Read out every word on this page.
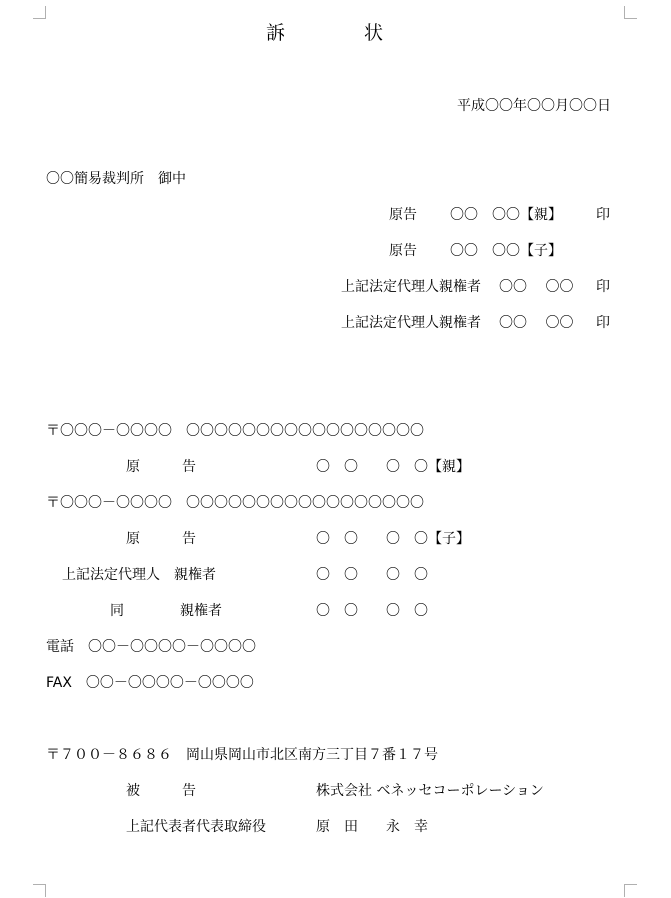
訴	状
平成〇〇年〇〇月〇〇日
〇〇簡易裁判所　御中
原告 〇〇　〇〇【親】 印
原告 〇〇　〇〇【子】
上記法定代理人親権者 〇〇　 〇〇 印
上記法定代理人親権者 〇〇　 〇〇 印
〒〇〇〇－〇〇〇〇　〇〇〇〇〇〇〇〇〇〇〇〇〇〇〇〇〇
原　　　告	〇　〇　　〇　〇【親】
〒〇〇〇－〇〇〇〇　〇〇〇〇〇〇〇〇〇〇〇〇〇〇〇〇〇
原　　　告	〇　〇　　〇　〇【子】
上記法定代理人　親権者	〇　〇　　〇　〇
同　　　　親権者	〇　〇　　〇　〇
電話　〇〇－〇〇〇〇－〇〇〇〇
FAX　〇〇－〇〇〇〇－〇〇〇〇
〒７００－８６８６　岡山県岡山市北区南方三丁目７番１７号
被　　　告	株式会社 ベネッセコーポレーション
上記代表者代表取締役	原　田　　永　幸
